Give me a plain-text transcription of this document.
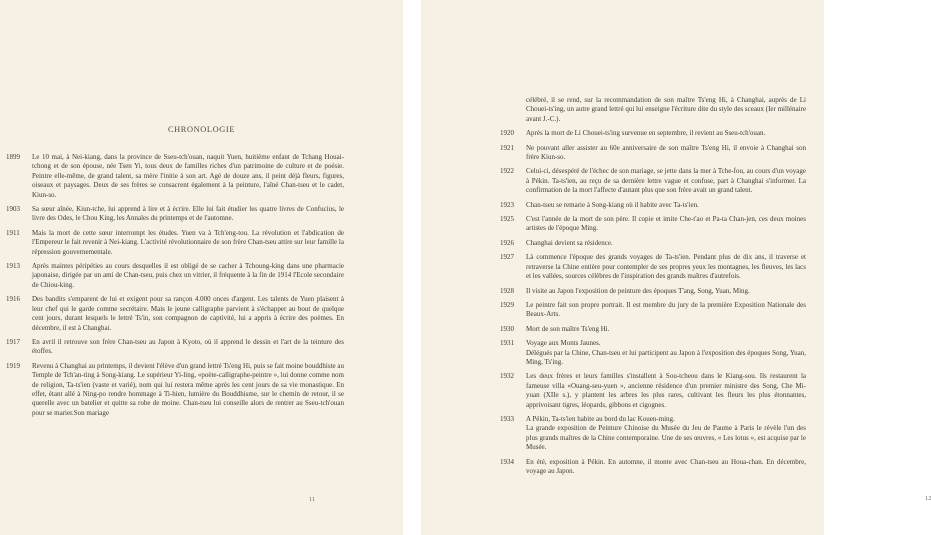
CHRONOLOGIE
1899 Le 10 mai, à Nei-kiang, dans la province de Sseu-tch'ouan, naquit Yuen, huitième enfant de Tchang Houai-tchong et de son épouse, née Tsen Yi, tous deux de familles riches d'un patrimoine de culture et de poésie. Peintre elle-même, de grand talent, sa mère l'initie à son art. Agé de douze ans, il peint déjà fleurs, figures, oiseaux et paysages. Deux de ses frères se consacrent également à la peinture, l'aîné Chan-tseu et le cadet, Kiun-so.

1903 Sa sœur aînée, Kiun-tche, lui apprend à lire et à écrire. Elle lui fait étudier les quatre livres de Confucius, le livre des Odes, le Chou King, les Annales du printemps et de l'automne.

1911 Mais la mort de cette sœur interrompt les études. Yuen va à Tch'eng-tou. La révolution et l'abdication de l'Empereur le fait revenir à Nei-kiang. L'activité révolutionnaire de son frère Chan-tseu attire sur leur famille la répression gouvernementale.

1913 Après maintes péripéties au cours desquelles il est obligé de se cacher à Tchoung-king dans une pharmacie japonaise, dirigée par un ami de Chan-tseu, puis chez un vitrier, il fréquente à la fin de 1914 l'Ecole secondaire de Chiou-king.

1916 Des bandits s'emparent de lui et exigent pour sa rançon 4.000 onces d'argent. Les talents de Yuen plaisent à leur chef qui le garde comme secrétaire. Mais le jeune calligraphe parvient à s'échapper au bout de quelque cent jours, durant lesquels le lettré Ts'in, son compagnon de captivité, lui a appris à écrire des poèmes. En décembre, il est à Changhai.

1917 En avril il retrouve son frère Chan-tseu au Japon à Kyoto, où il apprend le dessin et l'art de la teinture des étoffes.

1919 Revenu à Changhai au printemps, il devient l'élève d'un grand lettré Ts'eng Hi, puis se fait moine bouddhiste au Temple de Tch'an-ting à Song-kiang. Le supérieur Yi-ling, «poète-calligraphe-peintre », lui donne comme nom de religion, Ta-ts'ien (vaste et varié), nom qui lui restera même après les cent jours de sa vie monastique. En effet, étant allé à Ning-po rendre hommage à Ti-hien, lumière du Bouddhisme, sur le chemin de retour, il se querelle avec un batelier et quitte sa robe de moine. Chan-tseu lui conseille alors de rentrer au Sseu-tch'ouan pour se marier.Son mariage

11

célébré, il se rend, sur la recommandation de son maître Ts'eng Hi, à Changhai, auprès de Li Chouei-ts'ing, un autre grand lettré qui lui enseigne l'écriture dite du style des sceaux (Ier millénaire avant J.-C.).

1920 Après la mort de Li Chouei-ts'ing survenue en septembre, il revient au Sseu-tch'ouan.

1921 Ne pouvant aller assister au 60e anniversaire de son maître Ts'eng Hi, il envoie à Changhai son frère Kiun-so.

1922 Celui-ci, désespéré de l'échec de son mariage, se jette dans la mer à Tche-fou, au cours d'un voyage à Pékin. Ta-ts'ien, au reçu de sa dernière lettre vague et confuse, part à Changhai s'informer. La confirmation de la mort l'affecte d'autant plus que son frère avait un grand talent.

1923 Chan-tseu se remarie à Song-kiang où il habite avec Ta-ts'ien.

1925 C'est l'année de la mort de son père. Il copie et imite Che-t'ao et Pa-ta Chan-jen, ces deux moines artistes de l'époque Ming.

1926 Changhai devient sa résidence.

1927 Là commence l'époque des grands voyages de Ta-ts'ien. Pendant plus de dix ans, il traverse et retraverse la Chine entière pour contempler de ses propres yeux les montagnes, les fleuves, les lacs et les vallées, sources célèbres de l'inspiration des grands maîtres d'autrefois.

1928 Il visite au Japon l'exposition de peinture des époques T'ang, Song, Yuan, Ming.

1929 Le peintre fait son propre portrait. Il est membre du jury de la première Exposition Nationale des Beaux-Arts.

1930 Mort de son maître Ts'eng Hi.

1931 Voyage aux Monts Jaunes.

Délégués par la Chine, Chan-tseu et lui participent au Japon à l'exposition des époques Song, Yuan, Ming, Ts'ing.

1932 Les deux frères et leurs familles s'installent à Sou-tcheou dans le Kiang-sou. Ils restaurent la fameuse villa «Ouang-seu-yuen », ancienne résidence d'un premier ministre des Song, Che Mi-yuan (XIIe s.), y plantent les arbres les plus rares, cultivant les fleurs les plus étonnantes, apprivoisant tigres, léopards, gibbons et cigognes.

1933 A Pékin, Ta-ts'ien habite au bord du lac Kouen-ming.

La grande exposition de Peinture Chinoise du Musée du Jeu de Paume à Paris le révèle l'un des plus grands maîtres de la Chine contemporaine. Une de ses œuvres, « Les lotus », est acquise par le Musée.

1934 En été, exposition à Pékin. En automne, il monte avec Chan-tseu au Houa-chan. En décembre, voyage au Japon.

12
